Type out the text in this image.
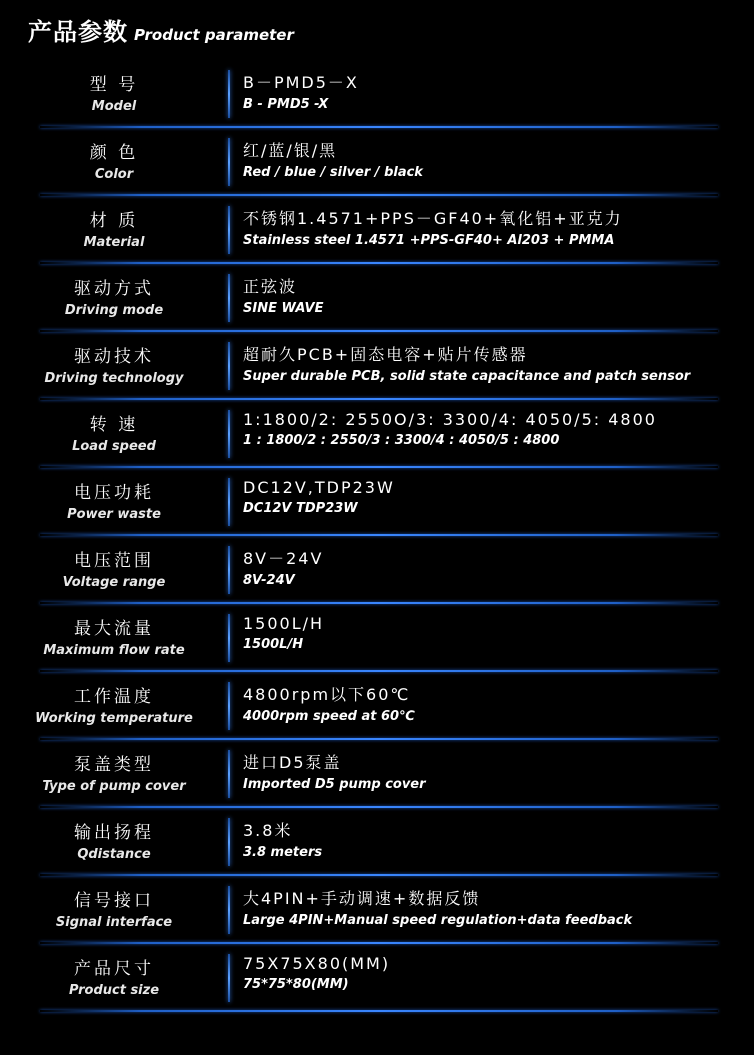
产品参数 Product parameter
型 号
Model
B－PMD5－X
B - PMD5 -X
颜 色
Color
红/蓝/银/黑
Red / blue / silver / black
材 质
Material
不锈钢1.4571+PPS－GF40+氧化铝+亚克力
Stainless steel 1.4571 +PPS-GF40+ Al203 + PMMA
驱动方式
Driving mode
正弦波
SINE WAVE
驱动技术
Driving technology
超耐久PCB+固态电容+贴片传感器
Super durable PCB, solid state capacitance and patch sensor
转 速
Load speed
1:1800/2: 2550O/3: 3300/4: 4050/5: 4800
1 : 1800/2 : 2550/3 : 3300/4 : 4050/5 : 4800
电压功耗
Power waste
DC12V,TDP23W
DC12V TDP23W
电压范围
Voltage range
8V－24V
8V-24V
最大流量
Maximum flow rate
1500L/H
1500L/H
工作温度
Working temperature
4800rpm以下60℃
4000rpm speed at 60℃
泵盖类型
Type of pump cover
进口D5泵盖
Imported D5 pump cover
输出扬程
Qdistance
3.8米
3.8 meters
信号接口
Signal interface
大4PIN+手动调速+数据反馈
Large 4PIN+Manual speed regulation+data feedback
产品尺寸
Product size
75X75X80(MM)
75*75*80(MM)
